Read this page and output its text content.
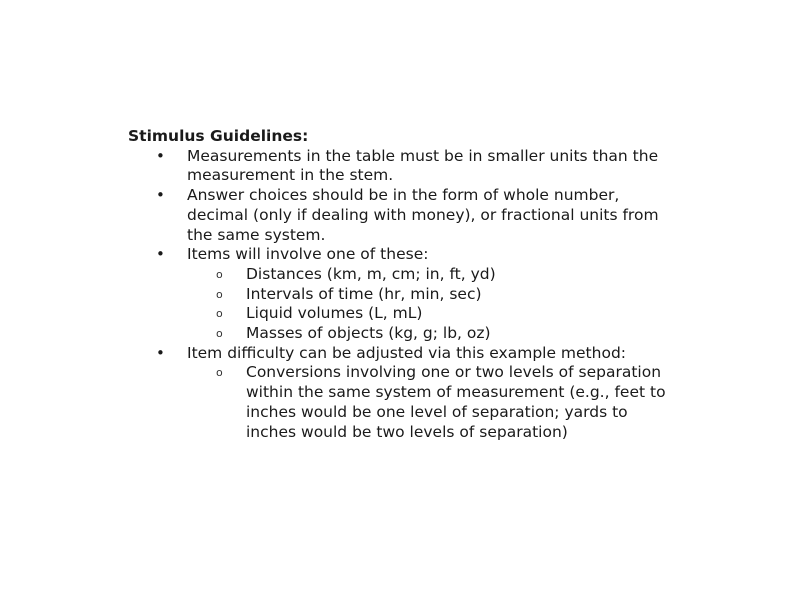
Stimulus Guidelines:

• Measurements in the table must be in smaller units than the measurement in the stem.
• Answer choices should be in the form of whole number, decimal (only if dealing with money), or fractional units from the same system.
• Items will involve one of these:
o Distances (km, m, cm; in, ft, yd)
o Intervals of time (hr, min, sec)
o Liquid volumes (L, mL)
o Masses of objects (kg, g; lb, oz)
• Item difficulty can be adjusted via this example method:
o Conversions involving one or two levels of separation within the same system of measurement (e.g., feet to inches would be one level of separation; yards to inches would be two levels of separation)
